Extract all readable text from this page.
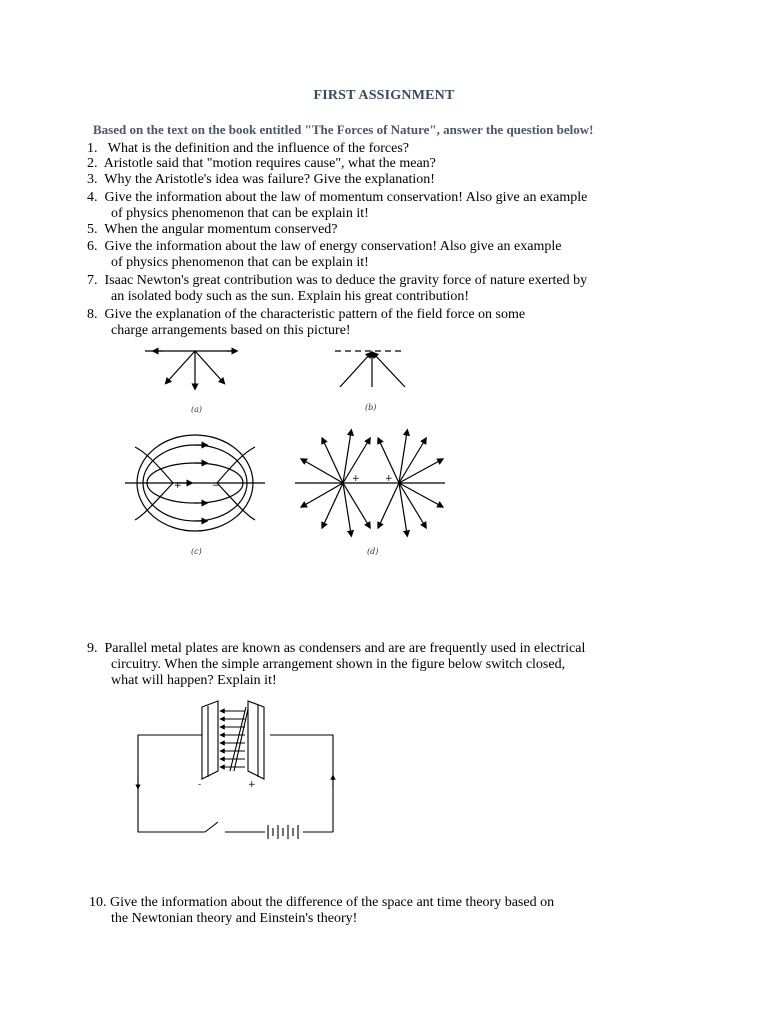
FIRST ASSIGNMENT
Based on the text on the book entitled "The Forces of Nature", answer the question below!
1. What is the definition and the influence of the forces?
2. Aristotle said that "motion requires cause", what the mean?
3. Why the Aristotle's idea was failure? Give the explanation!
4. Give the information about the law of momentum conservation! Also give an example
of physics phenomenon that can be explain it!
5. When the angular momentum conserved?
6. Give the information about the law of energy conservation! Also give an example
of physics phenomenon that can be explain it!
7. Isaac Newton's great contribution was to deduce the gravity force of nature exerted by
an isolated body such as the sun. Explain his great contribution!
8. Give the explanation of the characteristic pattern of the field force on some
charge arrangements based on this picture!
(a)	(b)
(c)	(d)
+	−
+	+
9. Parallel metal plates are known as condensers and are are frequently used in electrical
circuitry. When the simple arrangement shown in the figure below switch closed,
what will happen? Explain it!
-	+
10. Give the information about the difference of the space ant time theory based on
the Newtonian theory and Einstein's theory!
